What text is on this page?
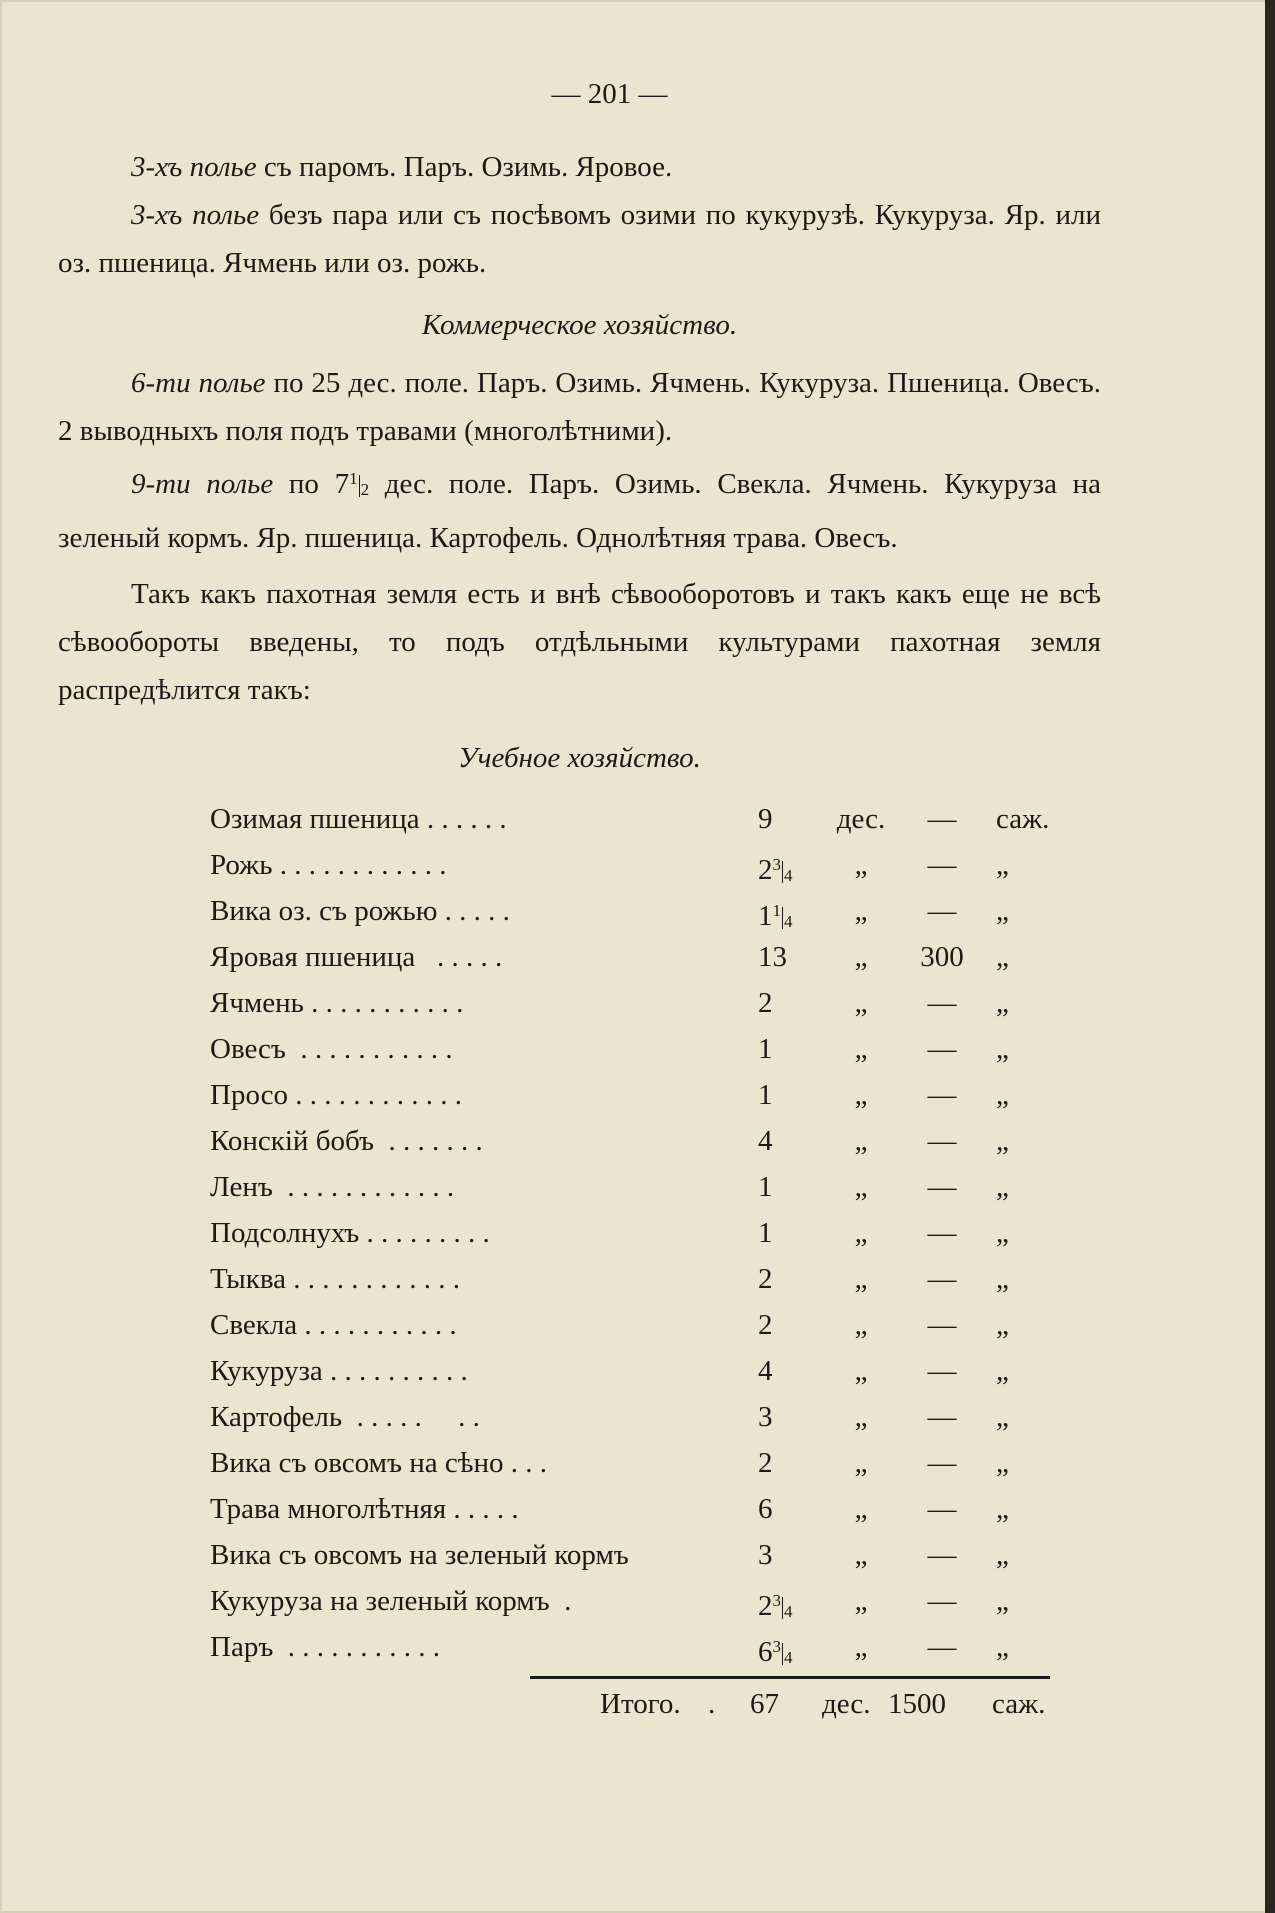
— 201 —

3-хъ полье съ паромъ. Паръ. Озимь. Яровое.

3-хъ полье безъ пара или съ посѣвомъ озими по кукурузѣ. Кукуруза. Яр. или оз. пшеница. Ячмень или оз. рожь.

Коммерческое хозяйство.

6-ти полье по 25 дес. поле. Паръ. Озимь. Ячмень. Кукуруза. Пшеница. Овесъ. 2 выводныхъ поля подъ травами (многолѣтними).

9-ти полье по $7^1_2$ дес. поле. Паръ. Озимь. Свекла. Ячмень. Кукуруза на зеленый кормъ. Яр. пшеница. Картофель. Однолѣтняя трава. Овесъ.

Такъ какъ пахотная земля есть и внѣ сѣвооборотовъ и такъ какъ еще не всѣ сѣвообороты введены, то подъ отдѣльными культурами пахотная земля распредѣлится такъ:

Учебное хозяйство.
Озимая пшеница . . . . . .	9	дес.	—	саж.
Рожь . . . . . . . . . . . .	$2^3_4$	„	—	„
Вика оз. съ рожью . . . . .	$1^1_4$	„	—	„
Яровая пшеница   . . . . .	13	„	300	„
Ячмень . . . . . . . . . . .	2	„	—	„
Овесъ  . . . . . . . . . . .	1	„	—	„
Просо . . . . . . . . . . . .	1	„	—	„
Конскій бобъ  . . . . . . .	4	„	—	„
Ленъ  . . . . . . . . . . . .	1	„	—	„
Подсолнухъ . . . . . . . . .	1	„	—	„
Тыква . . . . . . . . . . . .	2	„	—	„
Свекла . . . . . . . . . . .	2	„	—	„
Кукуруза . . . . . . . . . .	4	„	—	„
Картофель  . . . . .     . .	3	„	—	„
Вика съ овсомъ на сѣно . . .	2	„	—	„
Трава многолѣтняя . . . . .	6	„	—	„
Вика съ овсомъ на зеленый кормъ	3	„	—	„
Кукуруза на зеленый кормъ  .	$2^3_4$	„	—	„
Паръ  . . . . . . . . . . .	$6^3_4$	„	—	„
Итого. . 67 дес. 1500 саж.
